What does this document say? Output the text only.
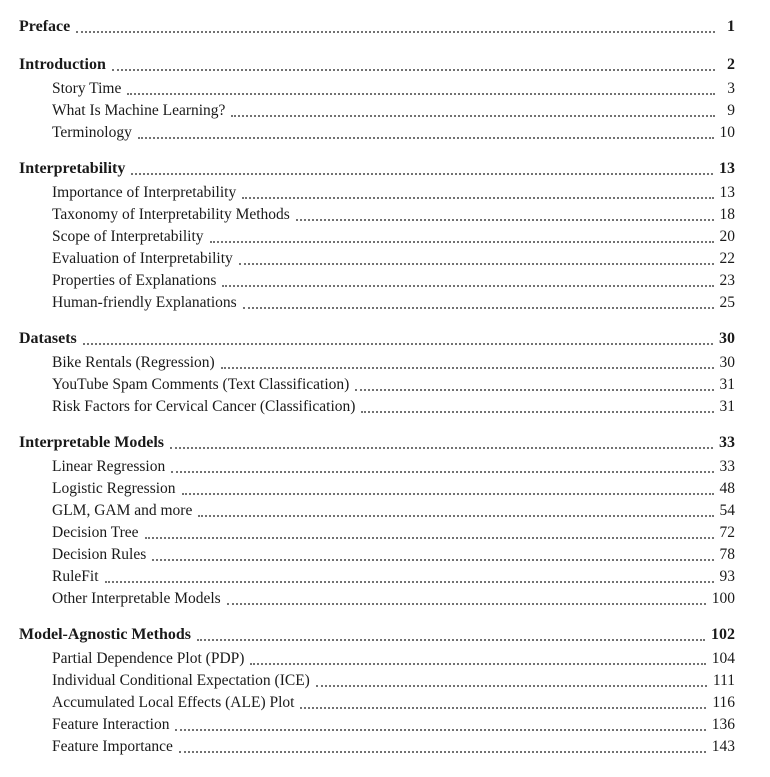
Preface	1
Introduction	2
Story Time	3
What Is Machine Learning?	9
Terminology	10
Interpretability	13
Importance of Interpretability	13
Taxonomy of Interpretability Methods	18
Scope of Interpretability	20
Evaluation of Interpretability	22
Properties of Explanations	23
Human-friendly Explanations	25
Datasets	30
Bike Rentals (Regression)	30
YouTube Spam Comments (Text Classification)	31
Risk Factors for Cervical Cancer (Classification)	31
Interpretable Models	33
Linear Regression	33
Logistic Regression	48
GLM, GAM and more	54
Decision Tree	72
Decision Rules	78
RuleFit	93
Other Interpretable Models	100
Model-Agnostic Methods	102
Partial Dependence Plot (PDP)	104
Individual Conditional Expectation (ICE)	111
Accumulated Local Effects (ALE) Plot	116
Feature Interaction	136
Feature Importance	143
